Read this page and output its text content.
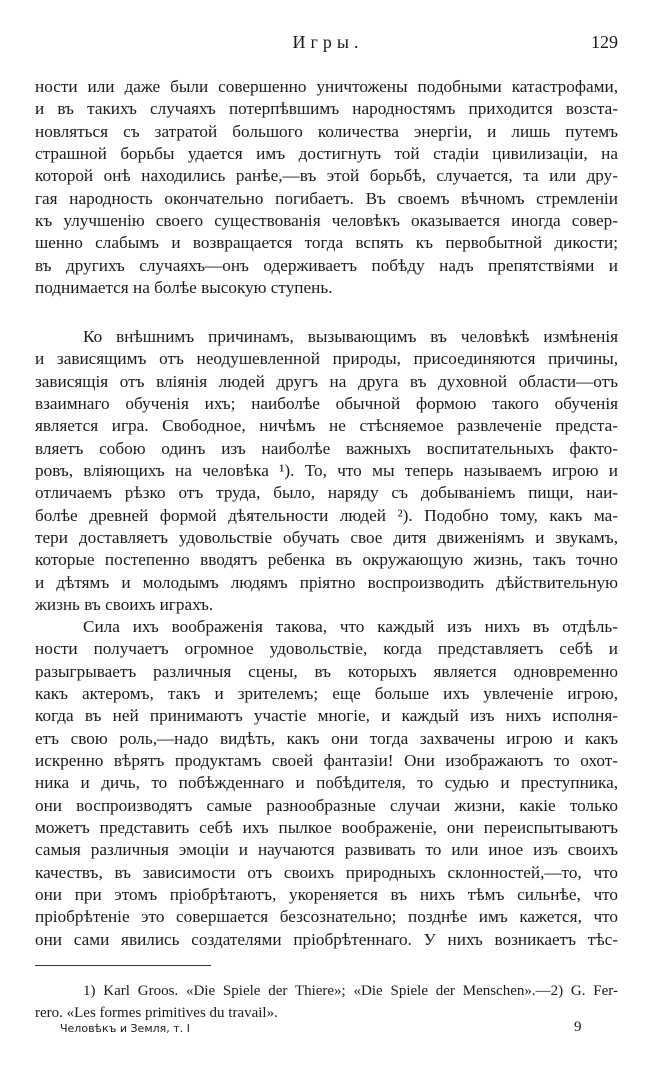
Игры.	129
ности или даже были совершенно уничтожены подобными катастрофами,
и въ такихъ случаяхъ потерпѣвшимъ народностямъ приходится возста-
новляться съ затратой большого количества энергіи, и лишь путемъ
страшной борьбы удается имъ достигнуть той стадіи цивилизаціи, на
которой онѣ находились ранѣе,—въ этой борьбѣ, случается, та или дру-
гая народность окончательно погибаетъ. Въ своемъ вѣчномъ стремленіи
къ улучшенію своего существованія человѣкъ оказывается иногда совер-
шенно слабымъ и возвращается тогда вспять къ первобытной дикости;
въ другихъ случаяхъ—онъ одерживаетъ побѣду надъ препятствіями и
поднимается на болѣе высокую ступень.
Ко внѣшнимъ причинамъ, вызывающимъ въ человѣкѣ измѣненія
и зависящимъ отъ неодушевленной природы, присоединяются причины,
зависящія отъ вліянія людей другъ на друга въ духовной области—отъ
взаимнаго обученія ихъ; наиболѣе обычной формою такого обученія
является игра. Свободное, ничѣмъ не стѣсняемое развлеченіе предста-
вляетъ собою одинъ изъ наиболѣе важныхъ воспитательныхъ факто-
ровъ, вліяющихъ на человѣка ¹). То, что мы теперь называемъ игрою и
отличаемъ рѣзко отъ труда, было, наряду съ добываніемъ пищи, наи-
болѣе древней формой дѣятельности людей ²). Подобно тому, какъ ма-
тери доставляетъ удовольствіе обучать свое дитя движеніямъ и звукамъ,
которые постепенно вводятъ ребенка въ окружающую жизнь, такъ точно
и дѣтямъ и молодымъ людямъ пріятно воспроизводить дѣйствительную
жизнь въ своихъ играхъ.
Сила ихъ воображенія такова, что каждый изъ нихъ въ отдѣль-
ности получаетъ огромное удовольствіе, когда представляетъ себѣ и
разыгрываетъ различныя сцены, въ которыхъ является одновременно
какъ актеромъ, такъ и зрителемъ; еще больше ихъ увлеченіе игрою,
когда въ ней принимаютъ участіе многіе, и каждый изъ нихъ исполня-
етъ свою роль,—надо видѣть, какъ они тогда захвачены игрою и какъ
искренно вѣрятъ продуктамъ своей фантазіи! Они изображаютъ то охот-
ника и дичь, то побѣжденнаго и побѣдителя, то судью и преступника,
они воспроизводятъ самые разнообразные случаи жизни, какіе только
можетъ представить себѣ ихъ пылкое воображеніе, они переиспытываютъ
самыя различныя эмоціи и научаются развивать то или иное изъ своихъ
качествъ, въ зависимости отъ своихъ природныхъ склонностей,—то, что
они при этомъ пріобрѣтаютъ, укореняется въ нихъ тѣмъ сильнѣе, что
пріобрѣтеніе это совершается безсознательно; позднѣе имъ кажется, что
они сами явились создателями пріобрѣтеннаго. У нихъ возникаетъ тѣс-
1) Karl Groos. «Die Spiele der Thiere»; «Die Spiele der Menschen».—2) G. Fer-
rero. «Les formes primitives du travail».
Человѣкъ и Земля, т. I	9
